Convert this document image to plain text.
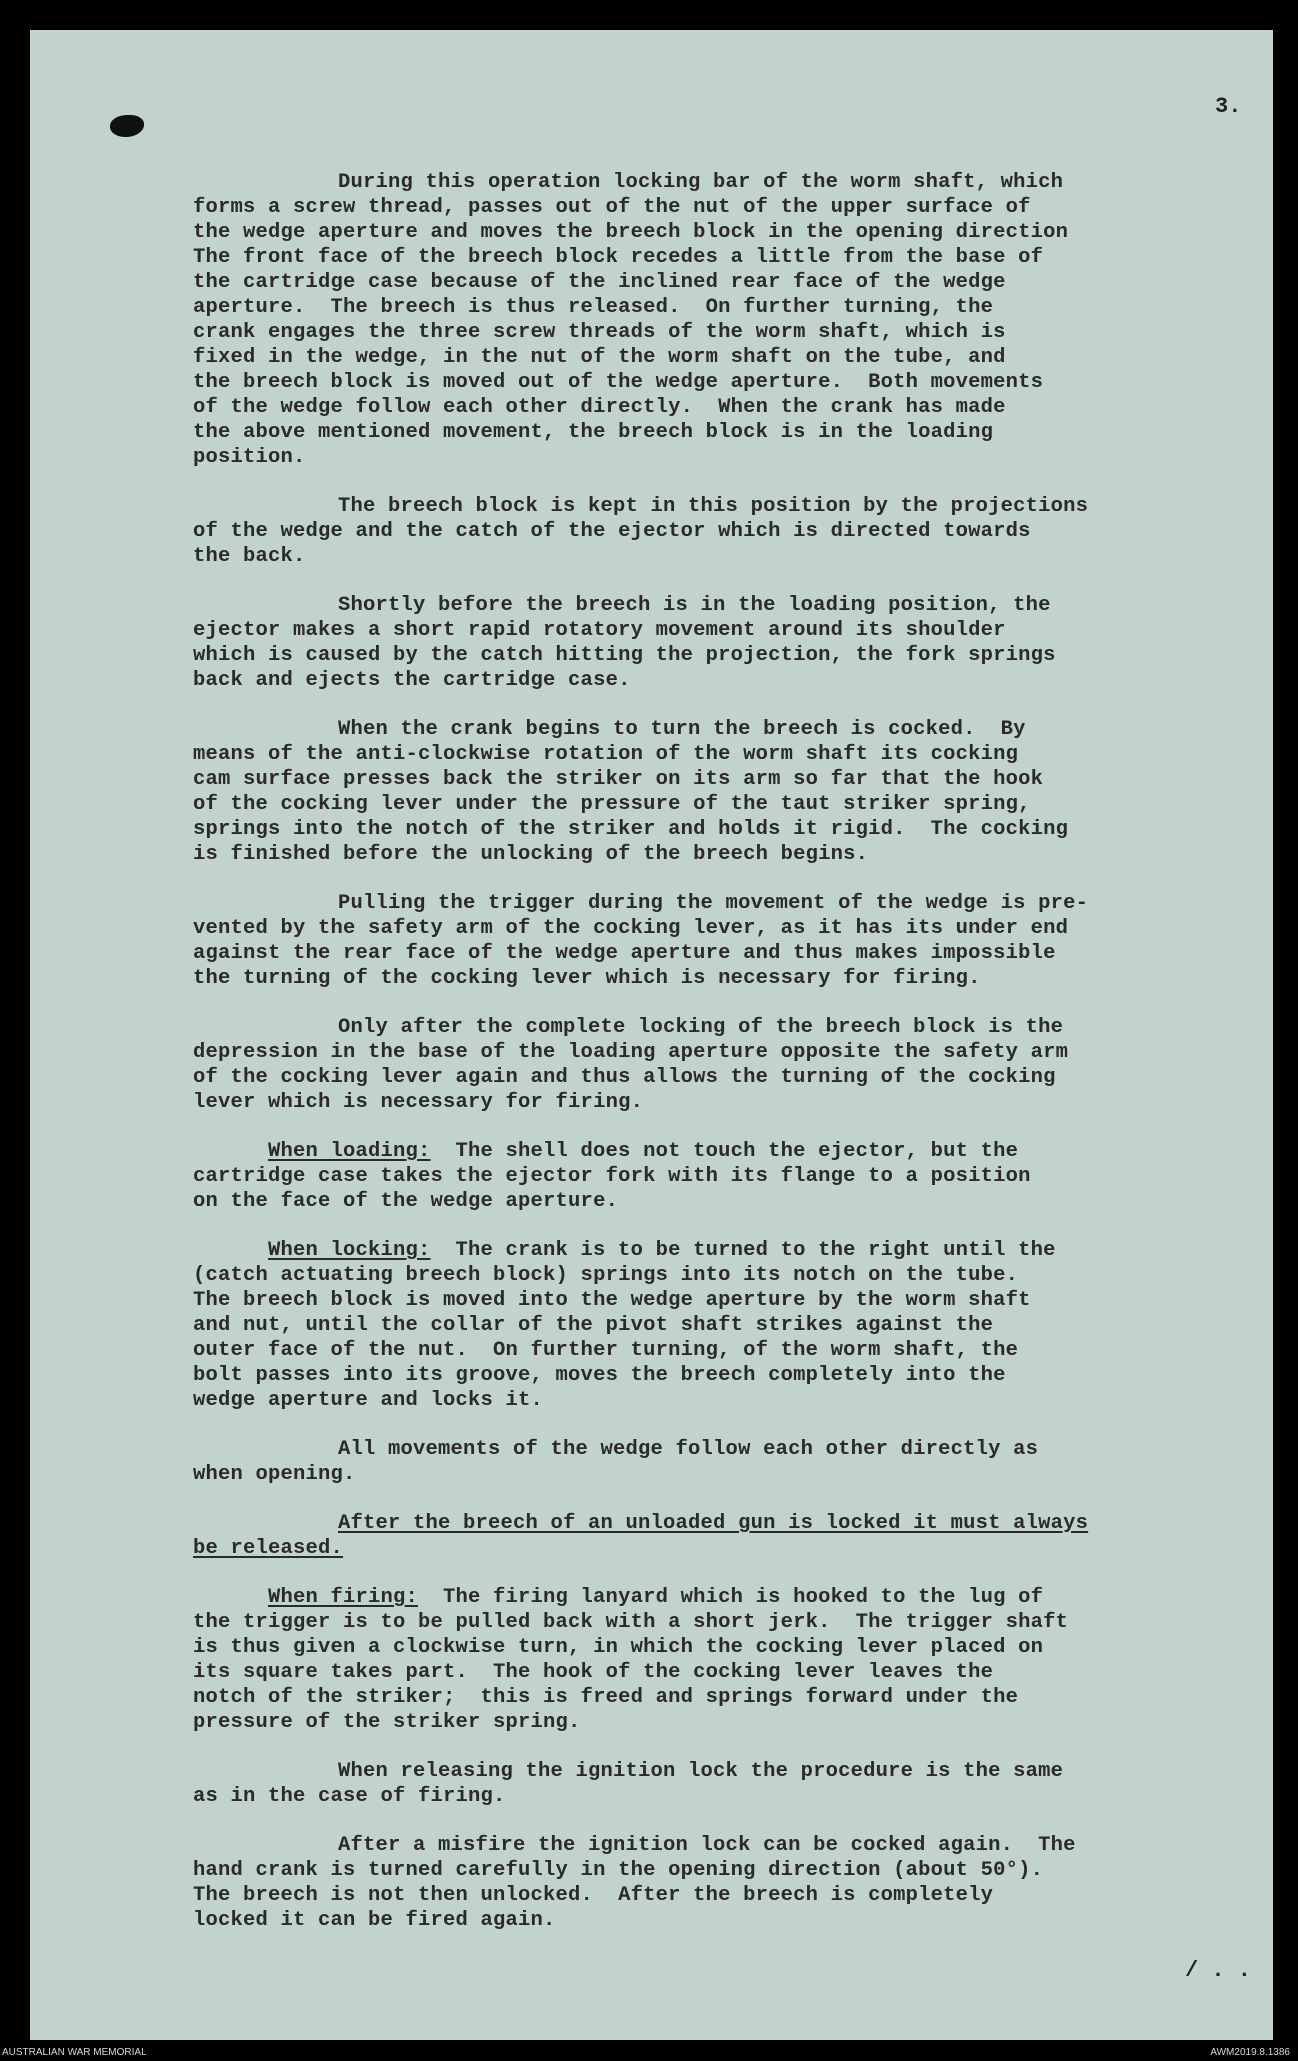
3.
During this operation locking bar of the worm shaft, which
forms a screw thread, passes out of the nut of the upper surface of
the wedge aperture and moves the breech block in the opening direction
The front face of the breech block recedes a little from the base of
the cartridge case because of the inclined rear face of the wedge
aperture.  The breech is thus released.  On further turning, the
crank engages the three screw threads of the worm shaft, which is
fixed in the wedge, in the nut of the worm shaft on the tube, and
the breech block is moved out of the wedge aperture.  Both movements
of the wedge follow each other directly.  When the crank has made
the above mentioned movement, the breech block is in the loading
position.
The breech block is kept in this position by the projections
of the wedge and the catch of the ejector which is directed towards
the back.
Shortly before the breech is in the loading position, the
ejector makes a short rapid rotatory movement around its shoulder
which is caused by the catch hitting the projection, the fork springs
back and ejects the cartridge case.
When the crank begins to turn the breech is cocked.  By
means of the anti-clockwise rotation of the worm shaft its cocking
cam surface presses back the striker on its arm so far that the hook
of the cocking lever under the pressure of the taut striker spring,
springs into the notch of the striker and holds it rigid.  The cocking
is finished before the unlocking of the breech begins.
Pulling the trigger during the movement of the wedge is pre-
vented by the safety arm of the cocking lever, as it has its under end
against the rear face of the wedge aperture and thus makes impossible
the turning of the cocking lever which is necessary for firing.
Only after the complete locking of the breech block is the
depression in the base of the loading aperture opposite the safety arm
of the cocking lever again and thus allows the turning of the cocking
lever which is necessary for firing.
When loading:  The shell does not touch the ejector, but the
cartridge case takes the ejector fork with its flange to a position
on the face of the wedge aperture.
When locking:  The crank is to be turned to the right until the
(catch actuating breech block) springs into its notch on the tube.
The breech block is moved into the wedge aperture by the worm shaft
and nut, until the collar of the pivot shaft strikes against the
outer face of the nut.  On further turning, of the worm shaft, the
bolt passes into its groove, moves the breech completely into the
wedge aperture and locks it.
All movements of the wedge follow each other directly as
when opening.
After the breech of an unloaded gun is locked it must always
be released.
When firing:  The firing lanyard which is hooked to the lug of
the trigger is to be pulled back with a short jerk.  The trigger shaft
is thus given a clockwise turn, in which the cocking lever placed on
its square takes part.  The hook of the cocking lever leaves the
notch of the striker;  this is freed and springs forward under the
pressure of the striker spring.
When releasing the ignition lock the procedure is the same
as in the case of firing.
After a misfire the ignition lock can be cocked again.  The
hand crank is turned carefully in the opening direction (about 50°).
The breech is not then unlocked.  After the breech is completely
locked it can be fired again.
/ . .
AUSTRALIAN WAR MEMORIAL	AWM2019.8.1386
